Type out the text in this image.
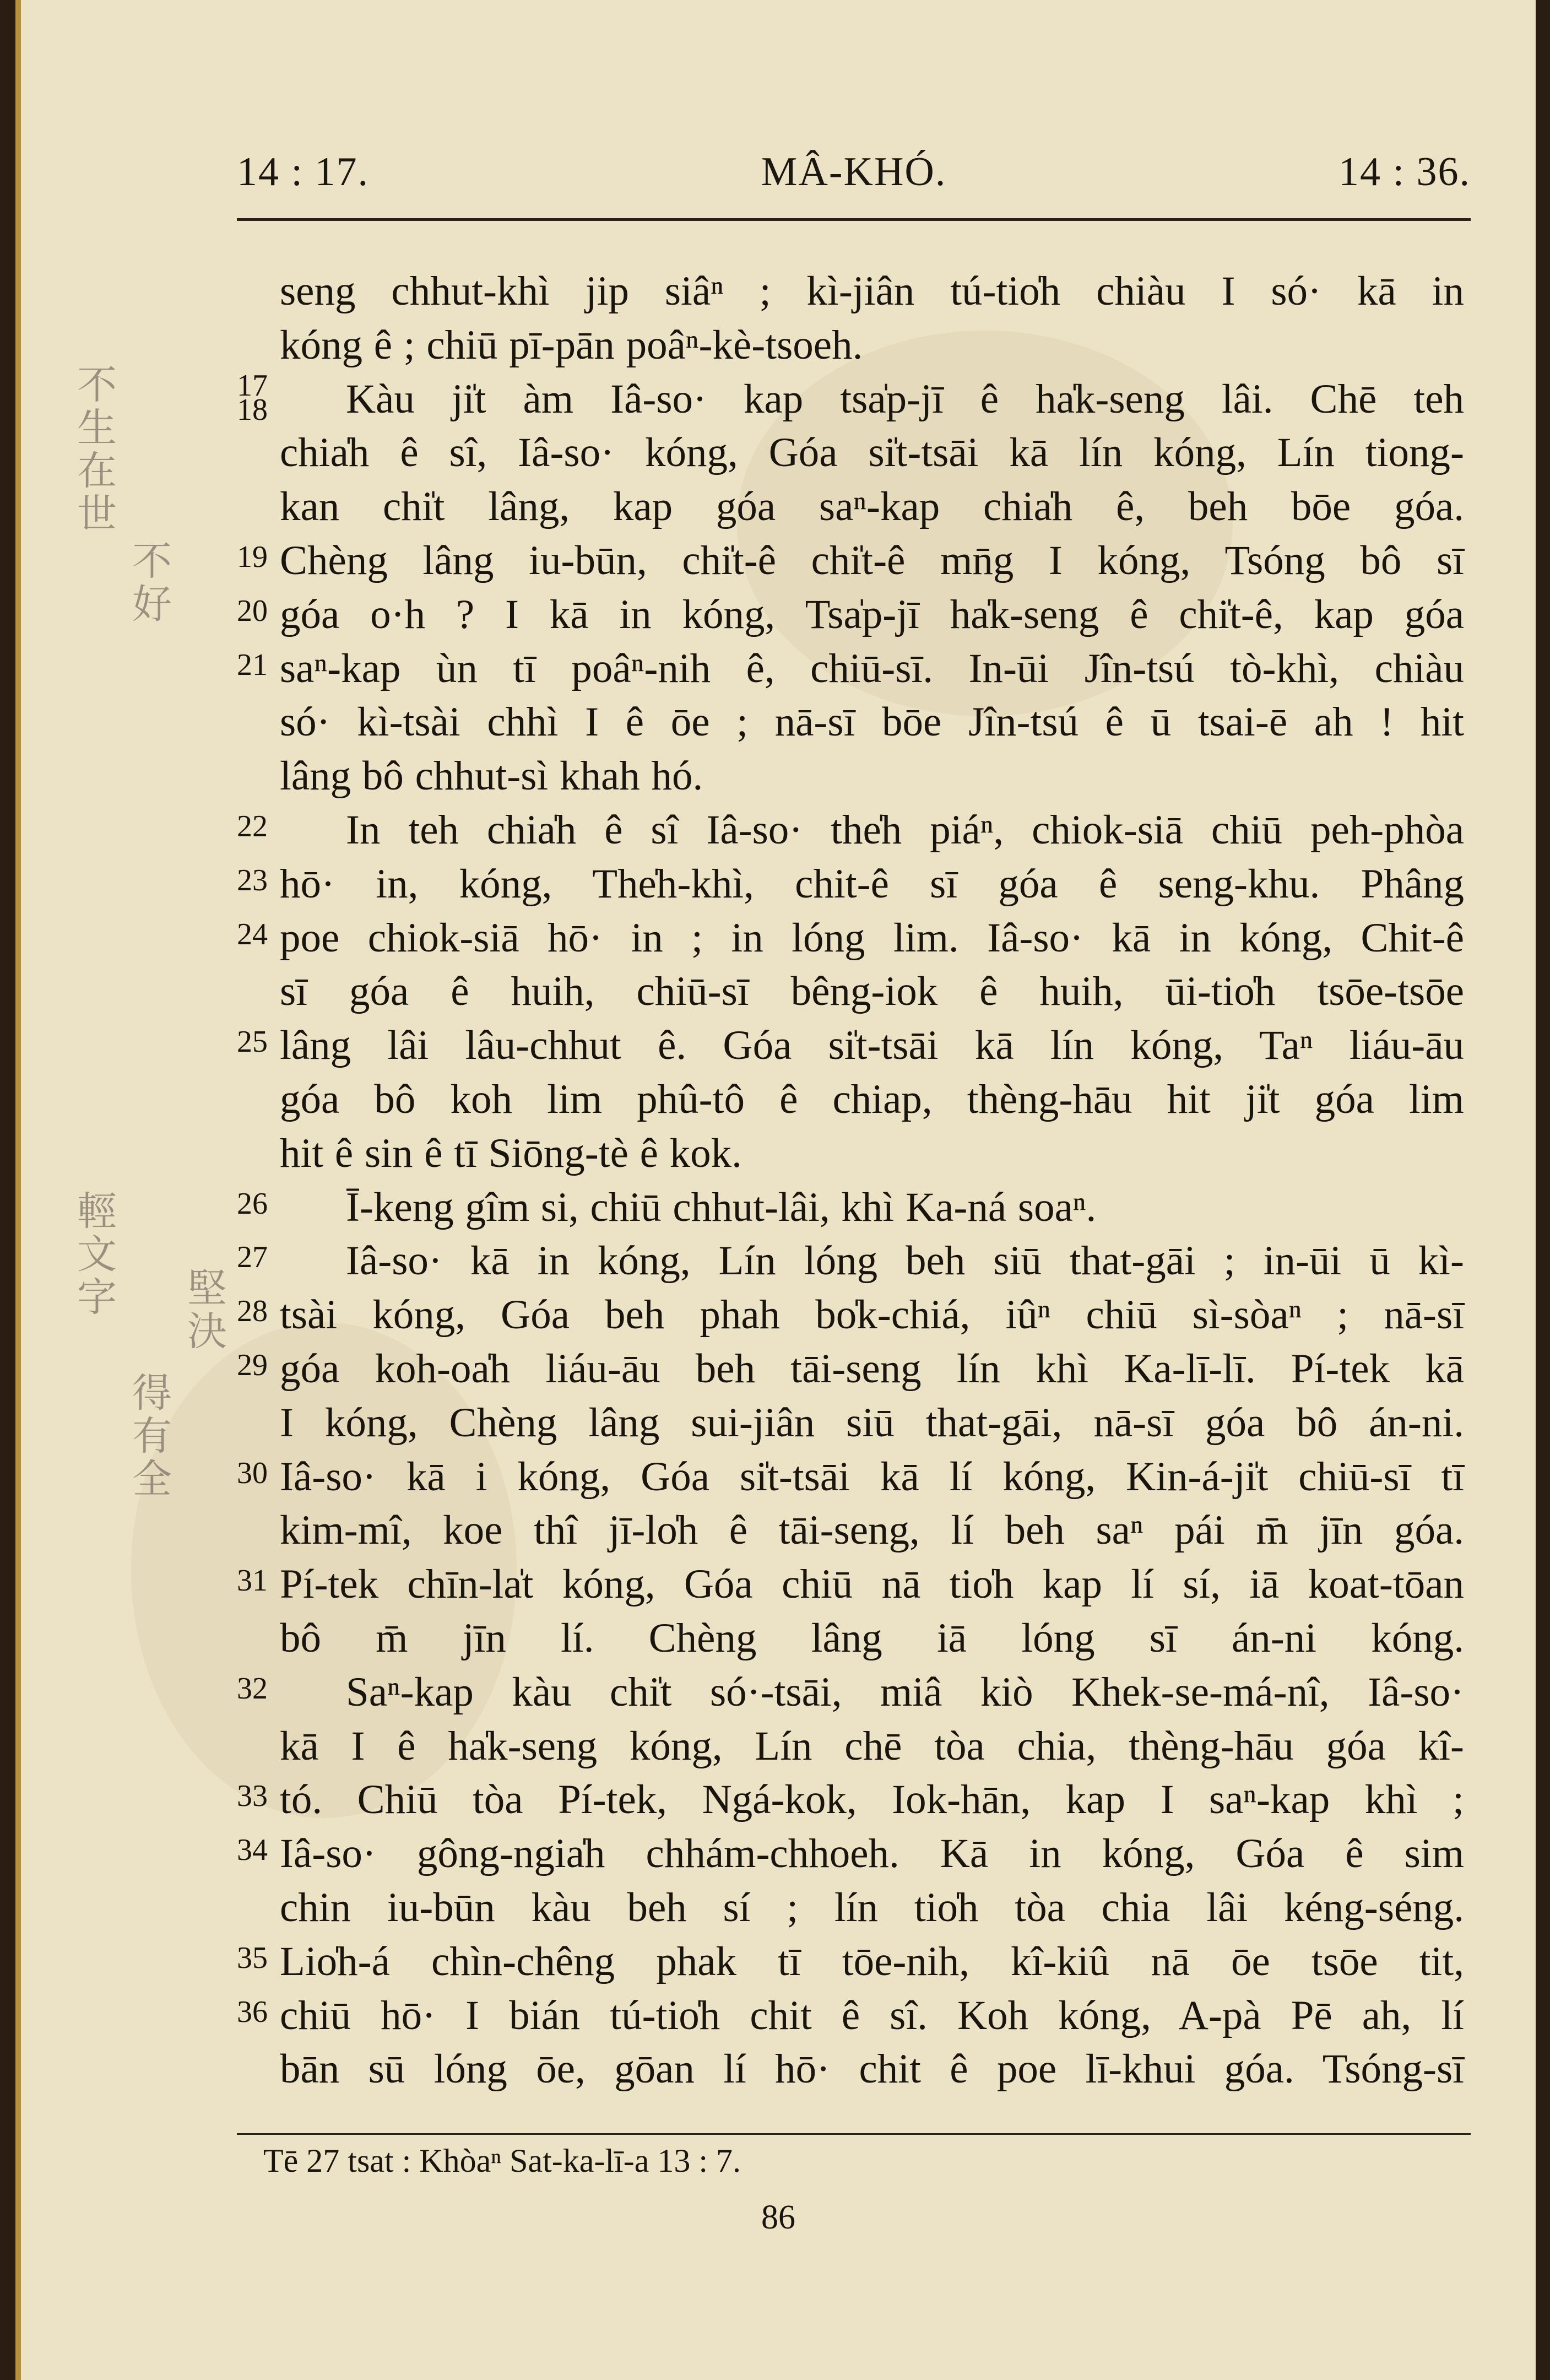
14 : 17.	MÂ-KHÓ.	14 : 36.
不生在世
不好
輕文字
得有全
堅決
17
18
19
20
21
22
23
24
25
26
27
28
29
30
31
32
33
34
35
36
seng chhut-khì jip siâⁿ ; kì-jiân tú-tio̍h chiàu I só· kā in
kóng ê ; chiū pī-pān poâⁿ-kè-tsoeh.
Kàu ji̍t àm Iâ-so· kap tsa̍p-jī ê ha̍k-seng lâi. Chē teh
chia̍h ê sî, Iâ-so· kóng, Góa si̍t-tsāi kā lín kóng, Lín tiong-
kan chi̍t lâng, kap góa saⁿ-kap chia̍h ê, beh bōe góa.
Chèng lâng iu-būn, chi̍t-ê chi̍t-ê mn̄g I kóng, Tsóng bô sī
góa o·h ? I kā in kóng, Tsa̍p-jī ha̍k-seng ê chi̍t-ê, kap góa
saⁿ-kap ùn tī poâⁿ-nih ê, chiū-sī. In-ūi Jîn-tsú tò-khì, chiàu
só· kì-tsài chhì I ê ōe ; nā-sī bōe Jîn-tsú ê ū tsai-ē ah ! hit
lâng bô chhut-sì khah hó.
In teh chia̍h ê sî Iâ-so· the̍h piáⁿ, chiok-siā chiū peh-phòa
hō· in, kóng, The̍h-khì, chit-ê sī góa ê seng-khu. Phâng
poe chiok-siā hō· in ; in lóng lim. Iâ-so· kā in kóng, Chit-ê
sī góa ê huih, chiū-sī bêng-iok ê huih, ūi-tio̍h tsōe-tsōe
lâng lâi lâu-chhut ê. Góa si̍t-tsāi kā lín kóng, Taⁿ liáu-āu
góa bô koh lim phû-tô ê chiap, thèng-hāu hit ji̍t góa lim
hit ê sin ê tī Siōng-tè ê kok.
Ī-keng gîm si, chiū chhut-lâi, khì Ka-ná soaⁿ.
Iâ-so· kā in kóng, Lín lóng beh siū that-gāi ; in-ūi ū kì-
tsài kóng, Góa beh phah bo̍k-chiá, iûⁿ chiū sì-sòaⁿ ; nā-sī
góa koh-oa̍h liáu-āu beh tāi-seng lín khì Ka-lī-lī. Pí-tek kā
I kóng, Chèng lâng sui-jiân siū that-gāi, nā-sī góa bô án-ni.
Iâ-so· kā i kóng, Góa si̍t-tsāi kā lí kóng, Kin-á-ji̍t chiū-sī tī
kim-mî, koe thî jī-lo̍h ê tāi-seng, lí beh saⁿ pái m̄ jīn góa.
Pí-tek chīn-la̍t kóng, Góa chiū nā tio̍h kap lí sí, iā koat-tōan
bô m̄ jīn lí. Chèng lâng iā lóng sī án-ni kóng.
Saⁿ-kap kàu chi̍t só·-tsāi, miâ kiò Khek-se-má-nî, Iâ-so·
kā I ê ha̍k-seng kóng, Lín chē tòa chia, thèng-hāu góa kî-
tó. Chiū tòa Pí-tek, Ngá-kok, Iok-hān, kap I saⁿ-kap khì ;
Iâ-so· gông-ngia̍h chhám-chhoeh. Kā in kóng, Góa ê sim
chin iu-būn kàu beh sí ; lín tio̍h tòa chia lâi kéng-séng.
Lio̍h-á chìn-chêng phak tī tōe-nih, kî-kiû nā ōe tsōe tit,
chiū hō· I bián tú-tio̍h chit ê sî. Koh kóng, A-pà Pē ah, lí
bān sū lóng ōe, gōan lí hō· chit ê poe lī-khui góa. Tsóng-sī
Tē 27 tsat : Khòaⁿ Sat-ka-lī-a 13 : 7.
86
